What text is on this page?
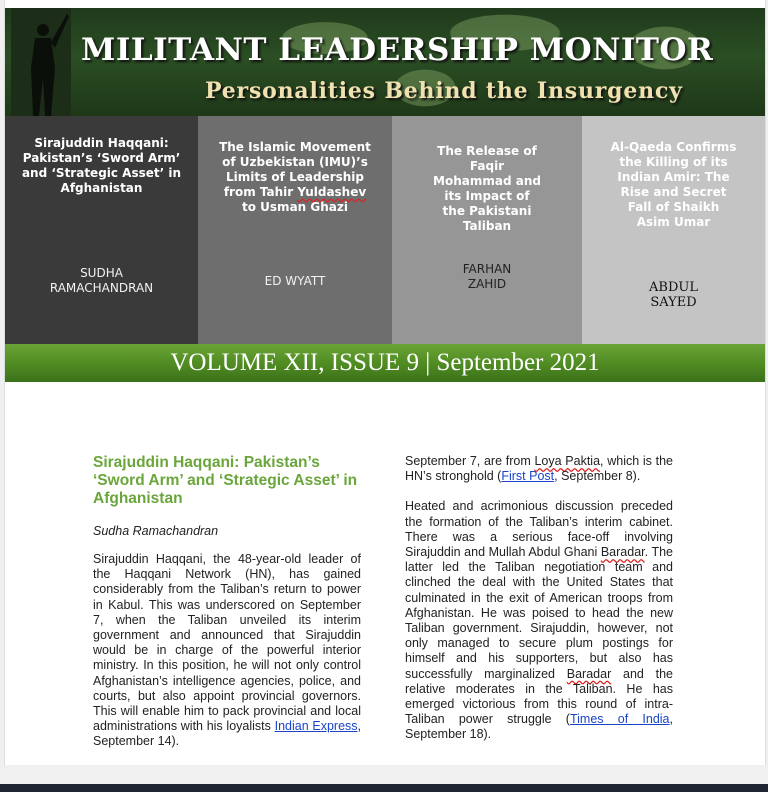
MILITANT LEADERSHIP MONITOR
Personalities Behind the Insurgency
Sirajuddin Haqqani: Pakistan’s ‘Sword Arm’ and ‘Strategic Asset’ in Afghanistan
SUDHA RAMACHANDRAN
The Islamic Movement of Uzbekistan (IMU)’s Limits of Leadership from Tahir Yuldashev to Usman Ghazi
ED WYATT
The Release of Faqir Mohammad and its Impact of the Pakistani Taliban
FARHAN ZAHID
Al-Qaeda Confirms the Killing of its Indian Amir: The Rise and Secret Fall of Shaikh Asim Umar
ABDUL SAYED
VOLUME XII, ISSUE 9 | September 2021
Sirajuddin Haqqani: Pakistan’s ‘Sword Arm’ and ‘Strategic Asset’ in Afghanistan
Sudha Ramachandran

Sirajuddin Haqqani, the 48-year-old leader of the Haqqani Network (HN), has gained considerably from the Taliban’s return to power in Kabul. This was underscored on September 7, when the Taliban unveiled its interim government and announced that Sirajuddin would be in charge of the powerful interior ministry. In this position, he will not only control Afghanistan’s intelligence agencies, police, and courts, but also appoint provincial governors. This will enable him to pack provincial and local administrations with his loyalists Indian Express, September 14).

September 7, are from Loya Paktia, which is the HN’s stronghold (First Post, September 8).

Heated and acrimonious discussion preceded the formation of the Taliban’s interim cabinet. There was a serious face-off involving Sirajuddin and Mullah Abdul Ghani Baradar. The latter led the Taliban negotiation team and clinched the deal with the United States that culminated in the exit of American troops from Afghanistan. He was poised to head the new Taliban government. Sirajuddin, however, not only managed to secure plum postings for himself and his supporters, but also has successfully marginalized Baradar and the relative moderates in the Taliban. He has emerged victorious from this round of intra-Taliban power struggle (Times of India, September 18).
